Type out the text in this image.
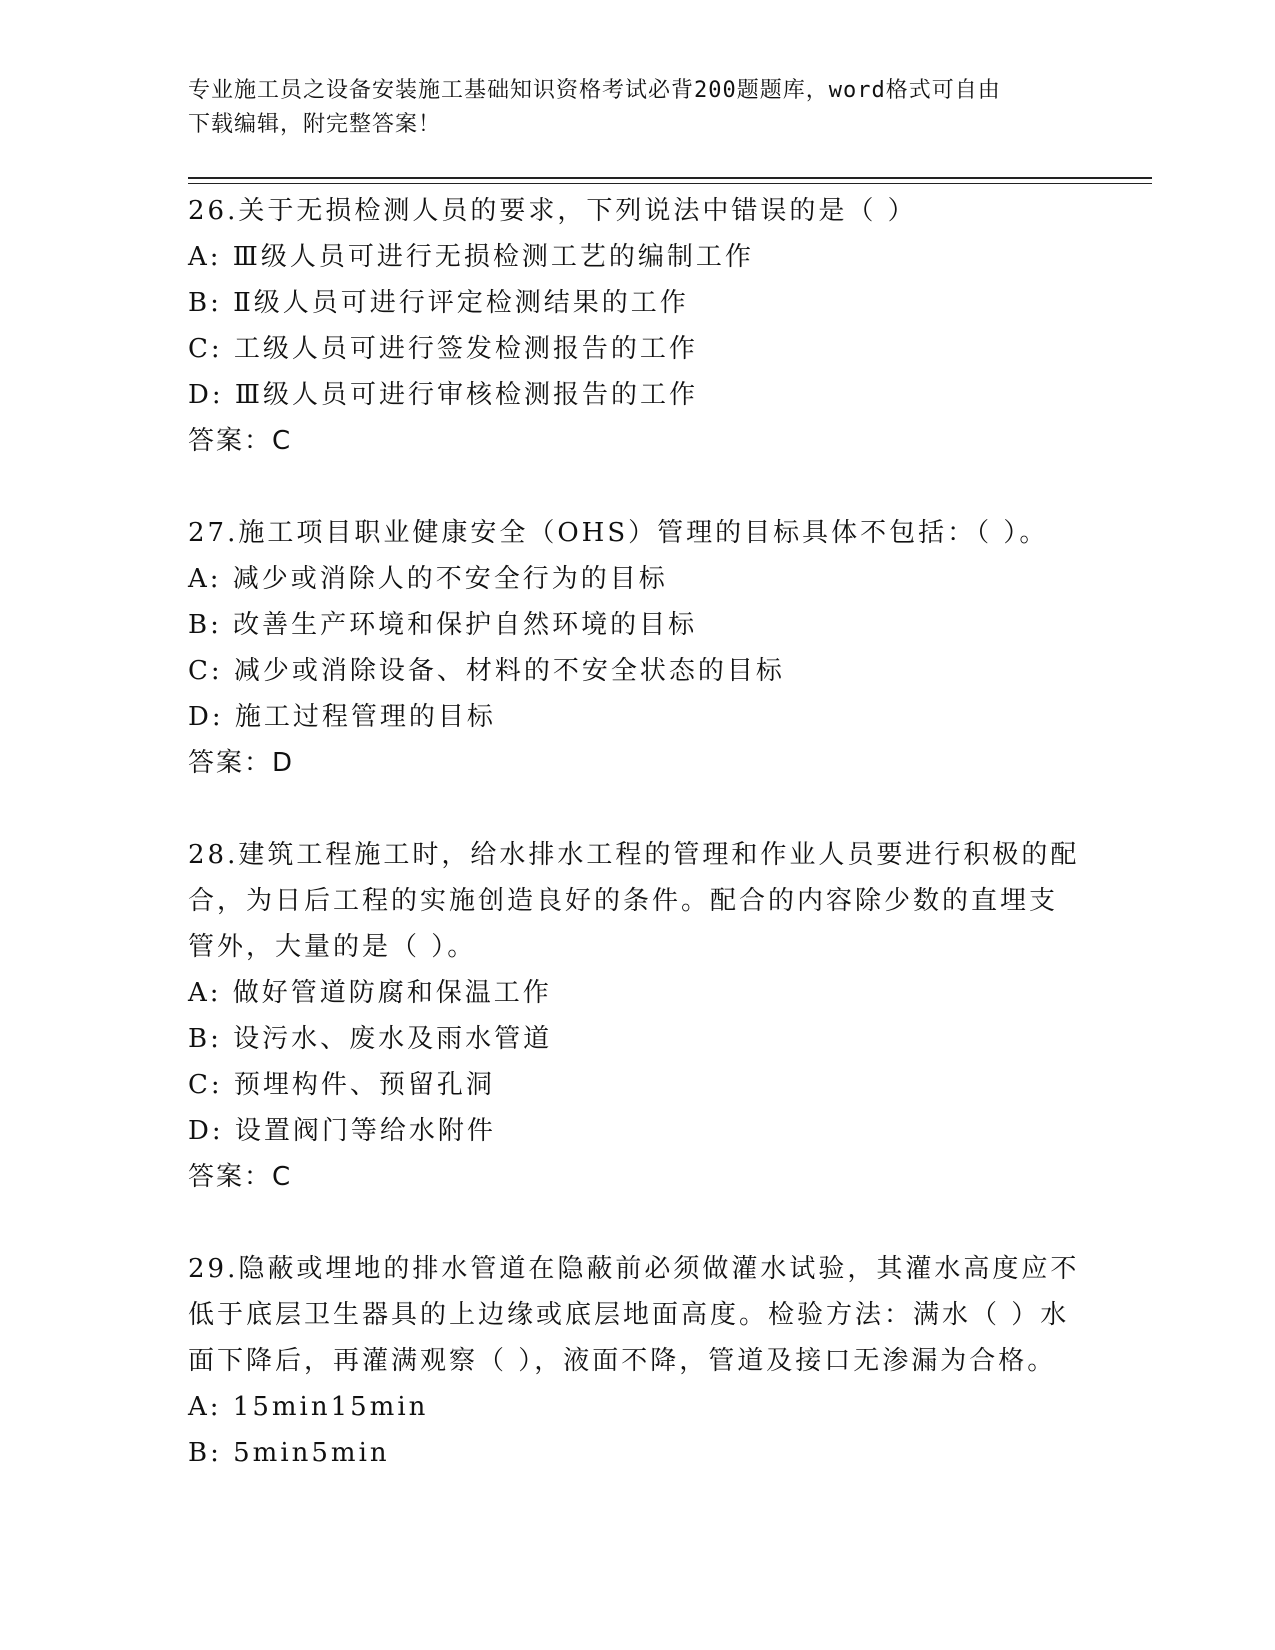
专业施工员之设备安装施工基础知识资格考试必背200题题库，word格式可自由
下载编辑，附完整答案！
26.关于无损检测人员的要求，下列说法中错误的是（ ）
A: Ⅲ级人员可进行无损检测工艺的编制工作
B: Ⅱ级人员可进行评定检测结果的工作
C: 工级人员可进行签发检测报告的工作
D: Ⅲ级人员可进行审核检测报告的工作
答案：C
27.施工项目职业健康安全（OHS）管理的目标具体不包括：（ ）。
A: 减少或消除人的不安全行为的目标
B: 改善生产环境和保护自然环境的目标
C: 减少或消除设备、材料的不安全状态的目标
D: 施工过程管理的目标
答案：D
28.建筑工程施工时，给水排水工程的管理和作业人员要进行积极的配
合，为日后工程的实施创造良好的条件。配合的内容除少数的直埋支
管外，大量的是（ ）。
A: 做好管道防腐和保温工作
B: 设污水、废水及雨水管道
C: 预埋构件、预留孔洞
D: 设置阀门等给水附件
答案：C
29.隐蔽或埋地的排水管道在隐蔽前必须做灌水试验，其灌水高度应不
低于底层卫生器具的上边缘或底层地面高度。检验方法：满水（ ）水
面下降后，再灌满观察（ ），液面不降，管道及接口无渗漏为合格。
A: 15min15min
B: 5min5min
